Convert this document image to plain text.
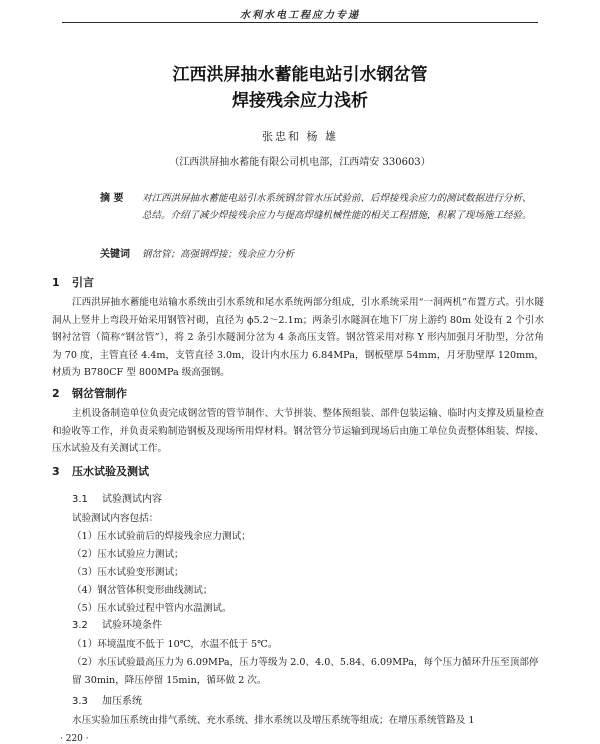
水利水电工程应力专递
江西洪屏抽水蓄能电站引水钢岔管
焊接残余应力浅析
张忠和 杨 雄
（江西洪屏抽水蓄能有限公司机电部，江西靖安 330603）
摘 要 对江西洪屏抽水蓄能电站引水系统钢岔管水压试验前、后焊接残余应力的测试数据进行分析、总结。介绍了减少焊接残余应力与提高焊缝机械性能的相关工程措施，积累了现场施工经验。
关键词 钢岔管；高强钢焊接；残余应力分析
1 引言
江西洪屏抽水蓄能电站输水系统由引水系统和尾水系统两部分组成，引水系统采用“一洞两机”布置方式。引水隧洞从上竖井上弯段开始采用钢管衬砌，直径为 ϕ5.2～2.1m；两条引水隧洞在地下厂房上游约 80m 处设有 2 个引水钢衬岔管（简称“钢岔管”），将 2 条引水隧洞分岔为 4 条高压支管。钢岔管采用对称 Y 形内加强月牙肋型，分岔角为 70 度，主管直径 4.4m，支管直径 3.0m，设计内水压力 6.84MPa，钢板壁厚 54mm，月牙肋壁厚 120mm，材质为 B780CF 型 800MPa 级高强钢。
2 钢岔管制作
主机设备制造单位负责完成钢岔管的管节制作、大节拼装、整体预组装、部件包装运输、临时内支撑及质量检查和验收等工作，并负责采购制造钢板及现场所用焊材料。钢岔管分节运输到现场后由施工单位负责整体组装、焊接、压水试验及有关测试工作。
3 压水试验及测试
3.1 试验测试内容
试验测试内容包括：
（1）压水试验前后的焊接残余应力测试；
（2）压水试验应力测试；
（3）压水试验变形测试；
（4）钢岔管体积变形曲线测试；
（5）压水试验过程中管内水温测试。
3.2 试验环境条件
（1）环境温度不低于 10℃，水温不低于 5℃。
（2）水压试验最高压力为 6.09MPa，压力等级为 2.0、4.0、5.84、6.09MPa，每个压力循环升压至顶部停留 30min，降压停留 15min，循环做 2 次。
3.3 加压系统
水压实验加压系统由排气系统、充水系统、排水系统以及增压系统等组成；在增压系统管路及 1
· 220 ·
